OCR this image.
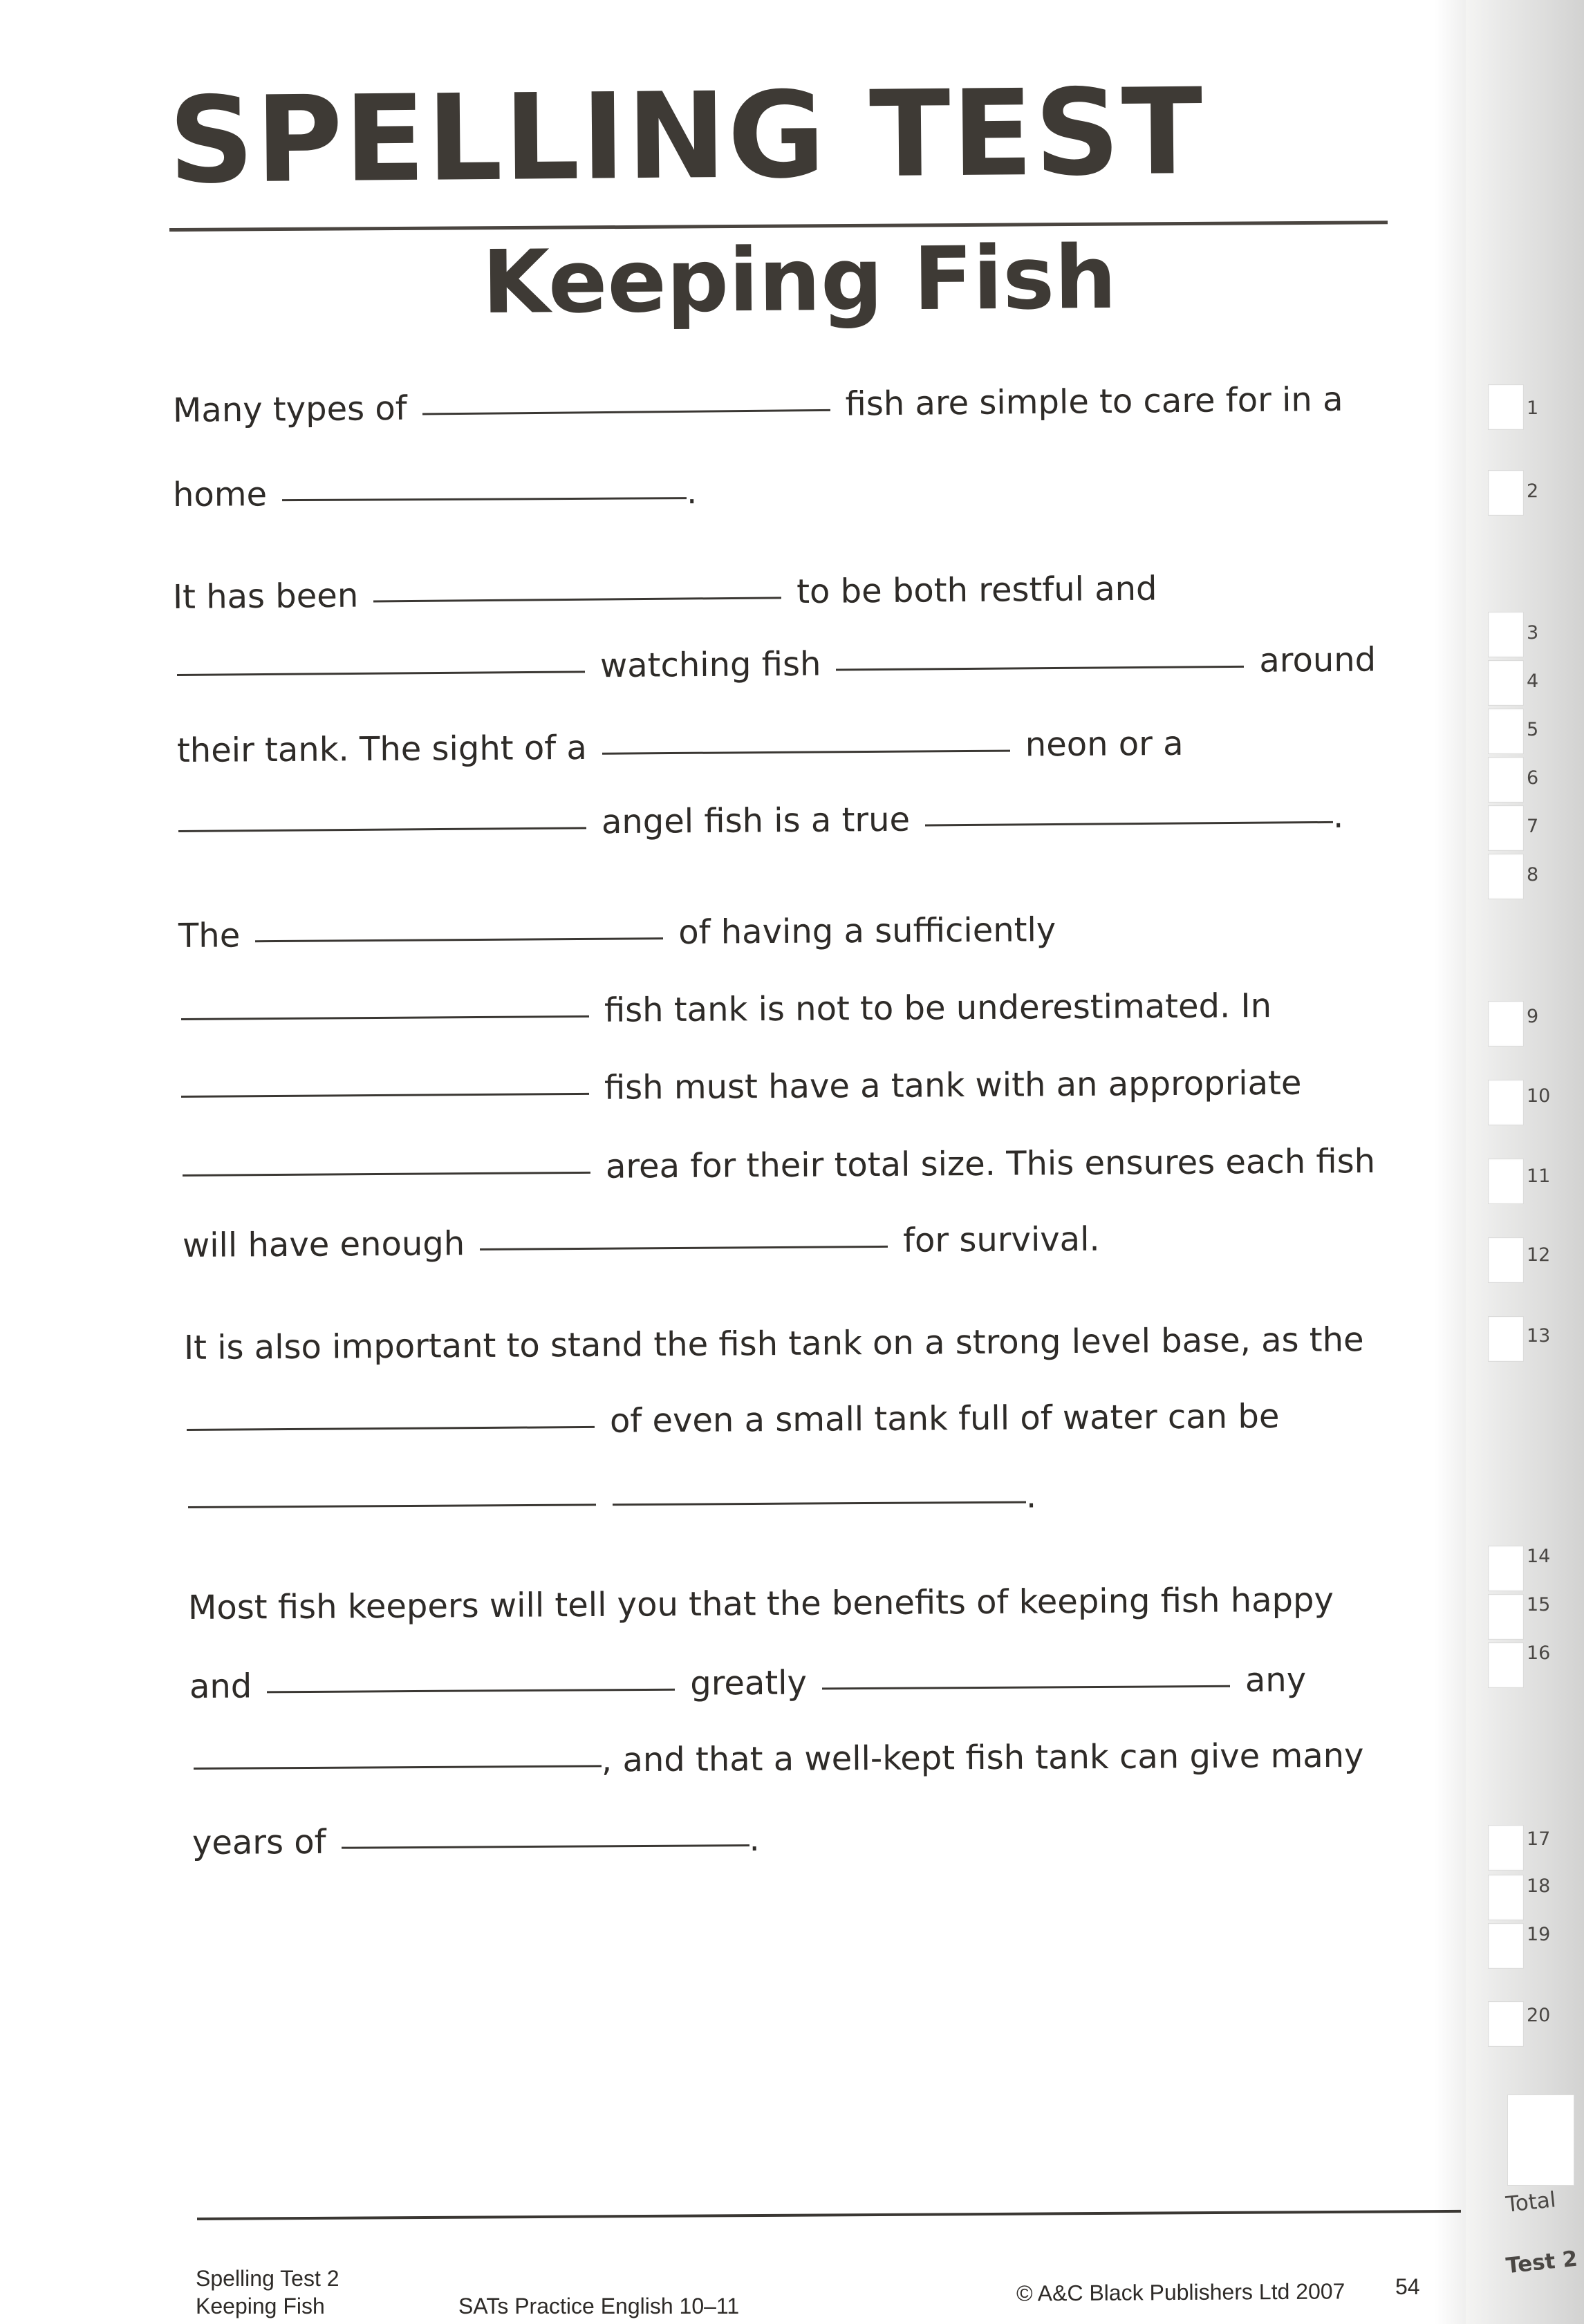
1
2
3
4
5
6
7
8
9
10
11
12
13
14
15
16
17
18
19
20
Total
Test 2
SPELLING TEST
Keeping Fish
Many types of	fish are simple to care for in a
home	.
It has been	to be both restful and
watching fish	around
their tank. The sight of a	neon or a
angel fish is a true	.
The	of having a sufficiently
fish tank is not to be underestimated. In
fish must have a tank with an appropriate
area for their total size. This ensures each fish
will have enough	for survival.
It is also important to stand the fish tank on a strong level base, as the
of even a small tank full of water can be
.
Most fish keepers will tell you that the benefits of keeping fish happy
and	greatly	any
, and that a well-kept fish tank can give many
years of	.
Spelling Test 2
Keeping Fish	SATs Practice English 10–11
© A&C Black Publishers Ltd 2007 54
